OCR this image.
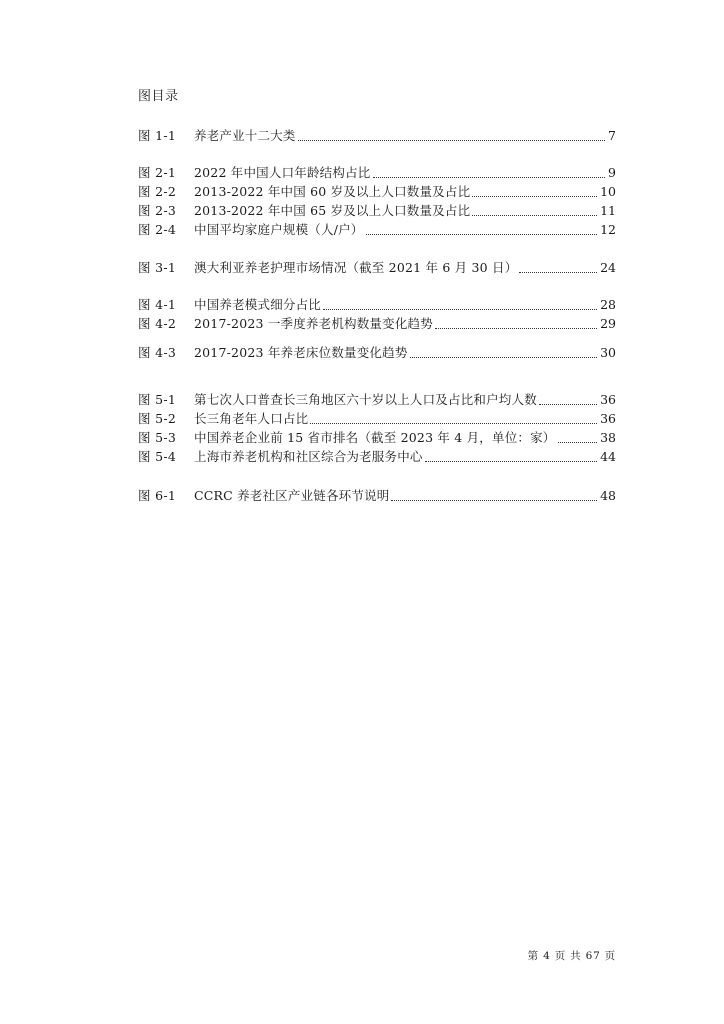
图目录
图 1-1	养老产业十二大类	7
图 2-1	2022 年中国人口年龄结构占比	9
图 2-2	2013-2022 年中国 60 岁及以上人口数量及占比	10
图 2-3	2013-2022 年中国 65 岁及以上人口数量及占比	11
图 2-4	中国平均家庭户规模（人/户）	12
图 3-1	澳大利亚养老护理市场情况（截至 2021 年 6 月 30 日）	24
图 4-1	中国养老模式细分占比	28
图 4-2	2017-2023 一季度养老机构数量变化趋势	29
图 4-3	2017-2023 年养老床位数量变化趋势	30
图 5-1	第七次人口普查长三角地区六十岁以上人口及占比和户均人数	36
图 5-2	长三角老年人口占比	36
图 5-3	中国养老企业前 15 省市排名（截至 2023 年 4 月，单位：家）	38
图 5-4	上海市养老机构和社区综合为老服务中心	44
图 6-1	CCRC 养老社区产业链各环节说明	48
第 4 页 共 67 页
